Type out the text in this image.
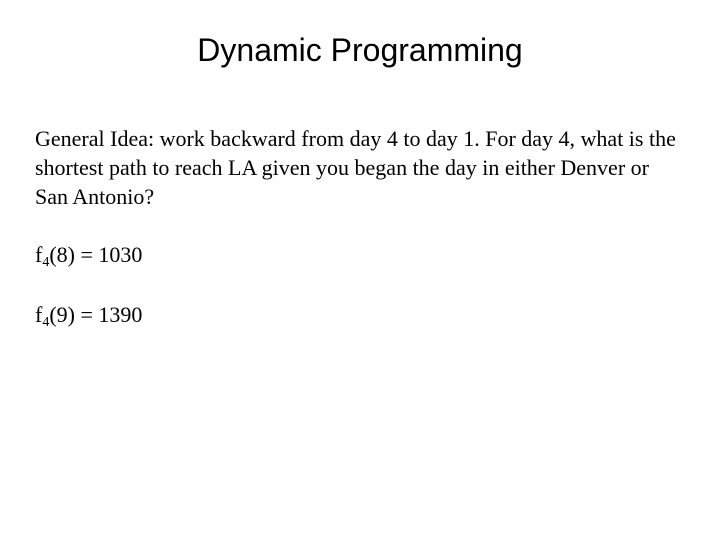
Dynamic Programming

General Idea: work backward from day 4 to day 1. For day 4, what is the shortest path to reach LA given you began the day in either Denver or San Antonio?

$f_4(8) = 1030$

$f_4(9) = 1390$
